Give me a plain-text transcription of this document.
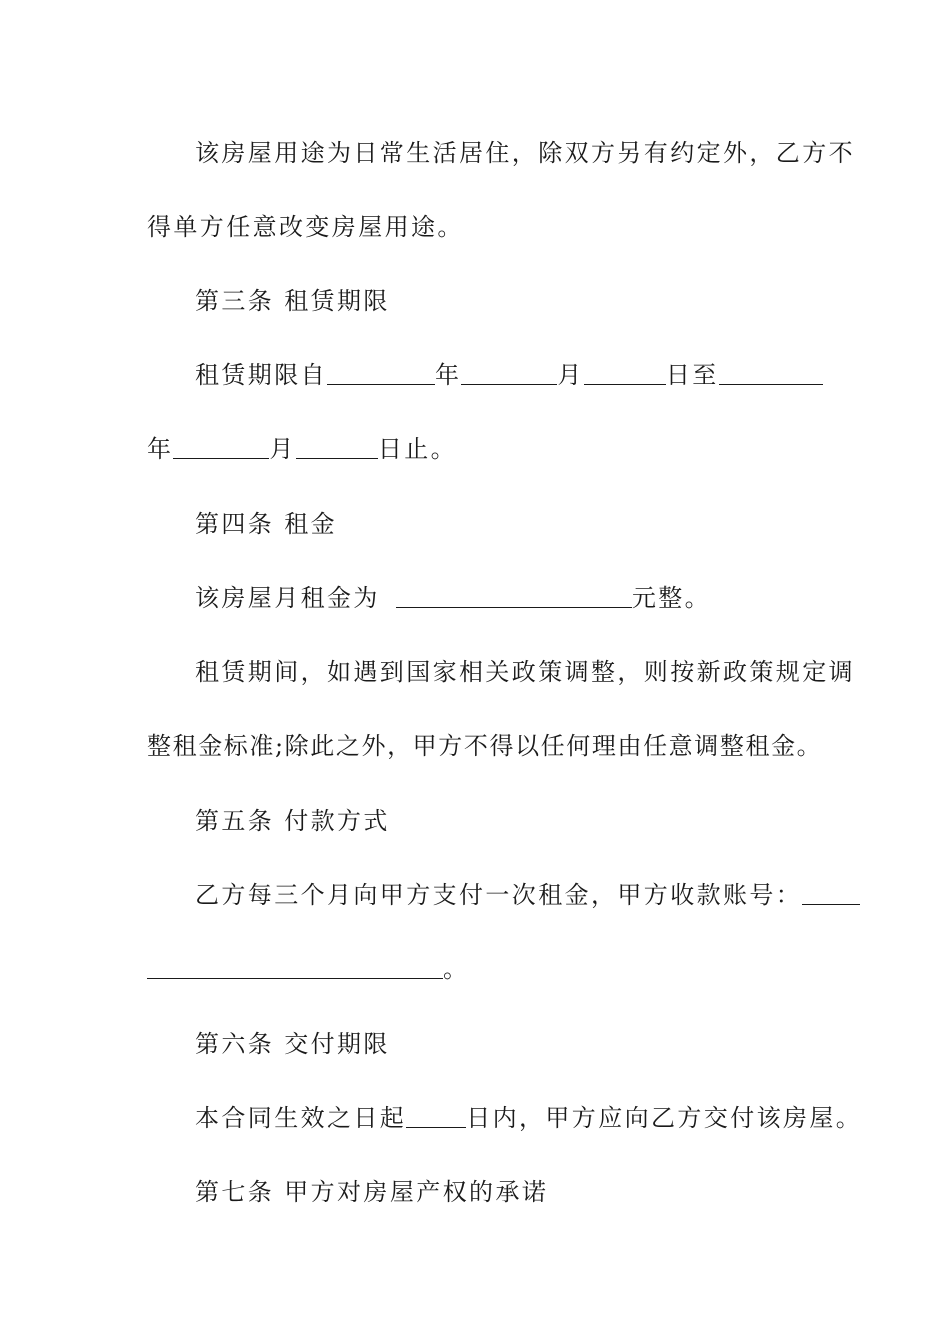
该房屋用途为日常生活居住，除双方另有约定外，乙方不
得单方任意改变房屋用途。
第三条 租赁期限
租赁期限自	年	月	日至
年	月	日止。
第四条 租金
该房屋月租金为	元整。
租赁期间，如遇到国家相关政策调整，则按新政策规定调
整租金标准;除此之外，甲方不得以任何理由任意调整租金。
第五条 付款方式
乙方每三个月向甲方支付一次租金，甲方收款账号：
。
第六条 交付期限
本合同生效之日起	日内，甲方应向乙方交付该房屋。
第七条 甲方对房屋产权的承诺
